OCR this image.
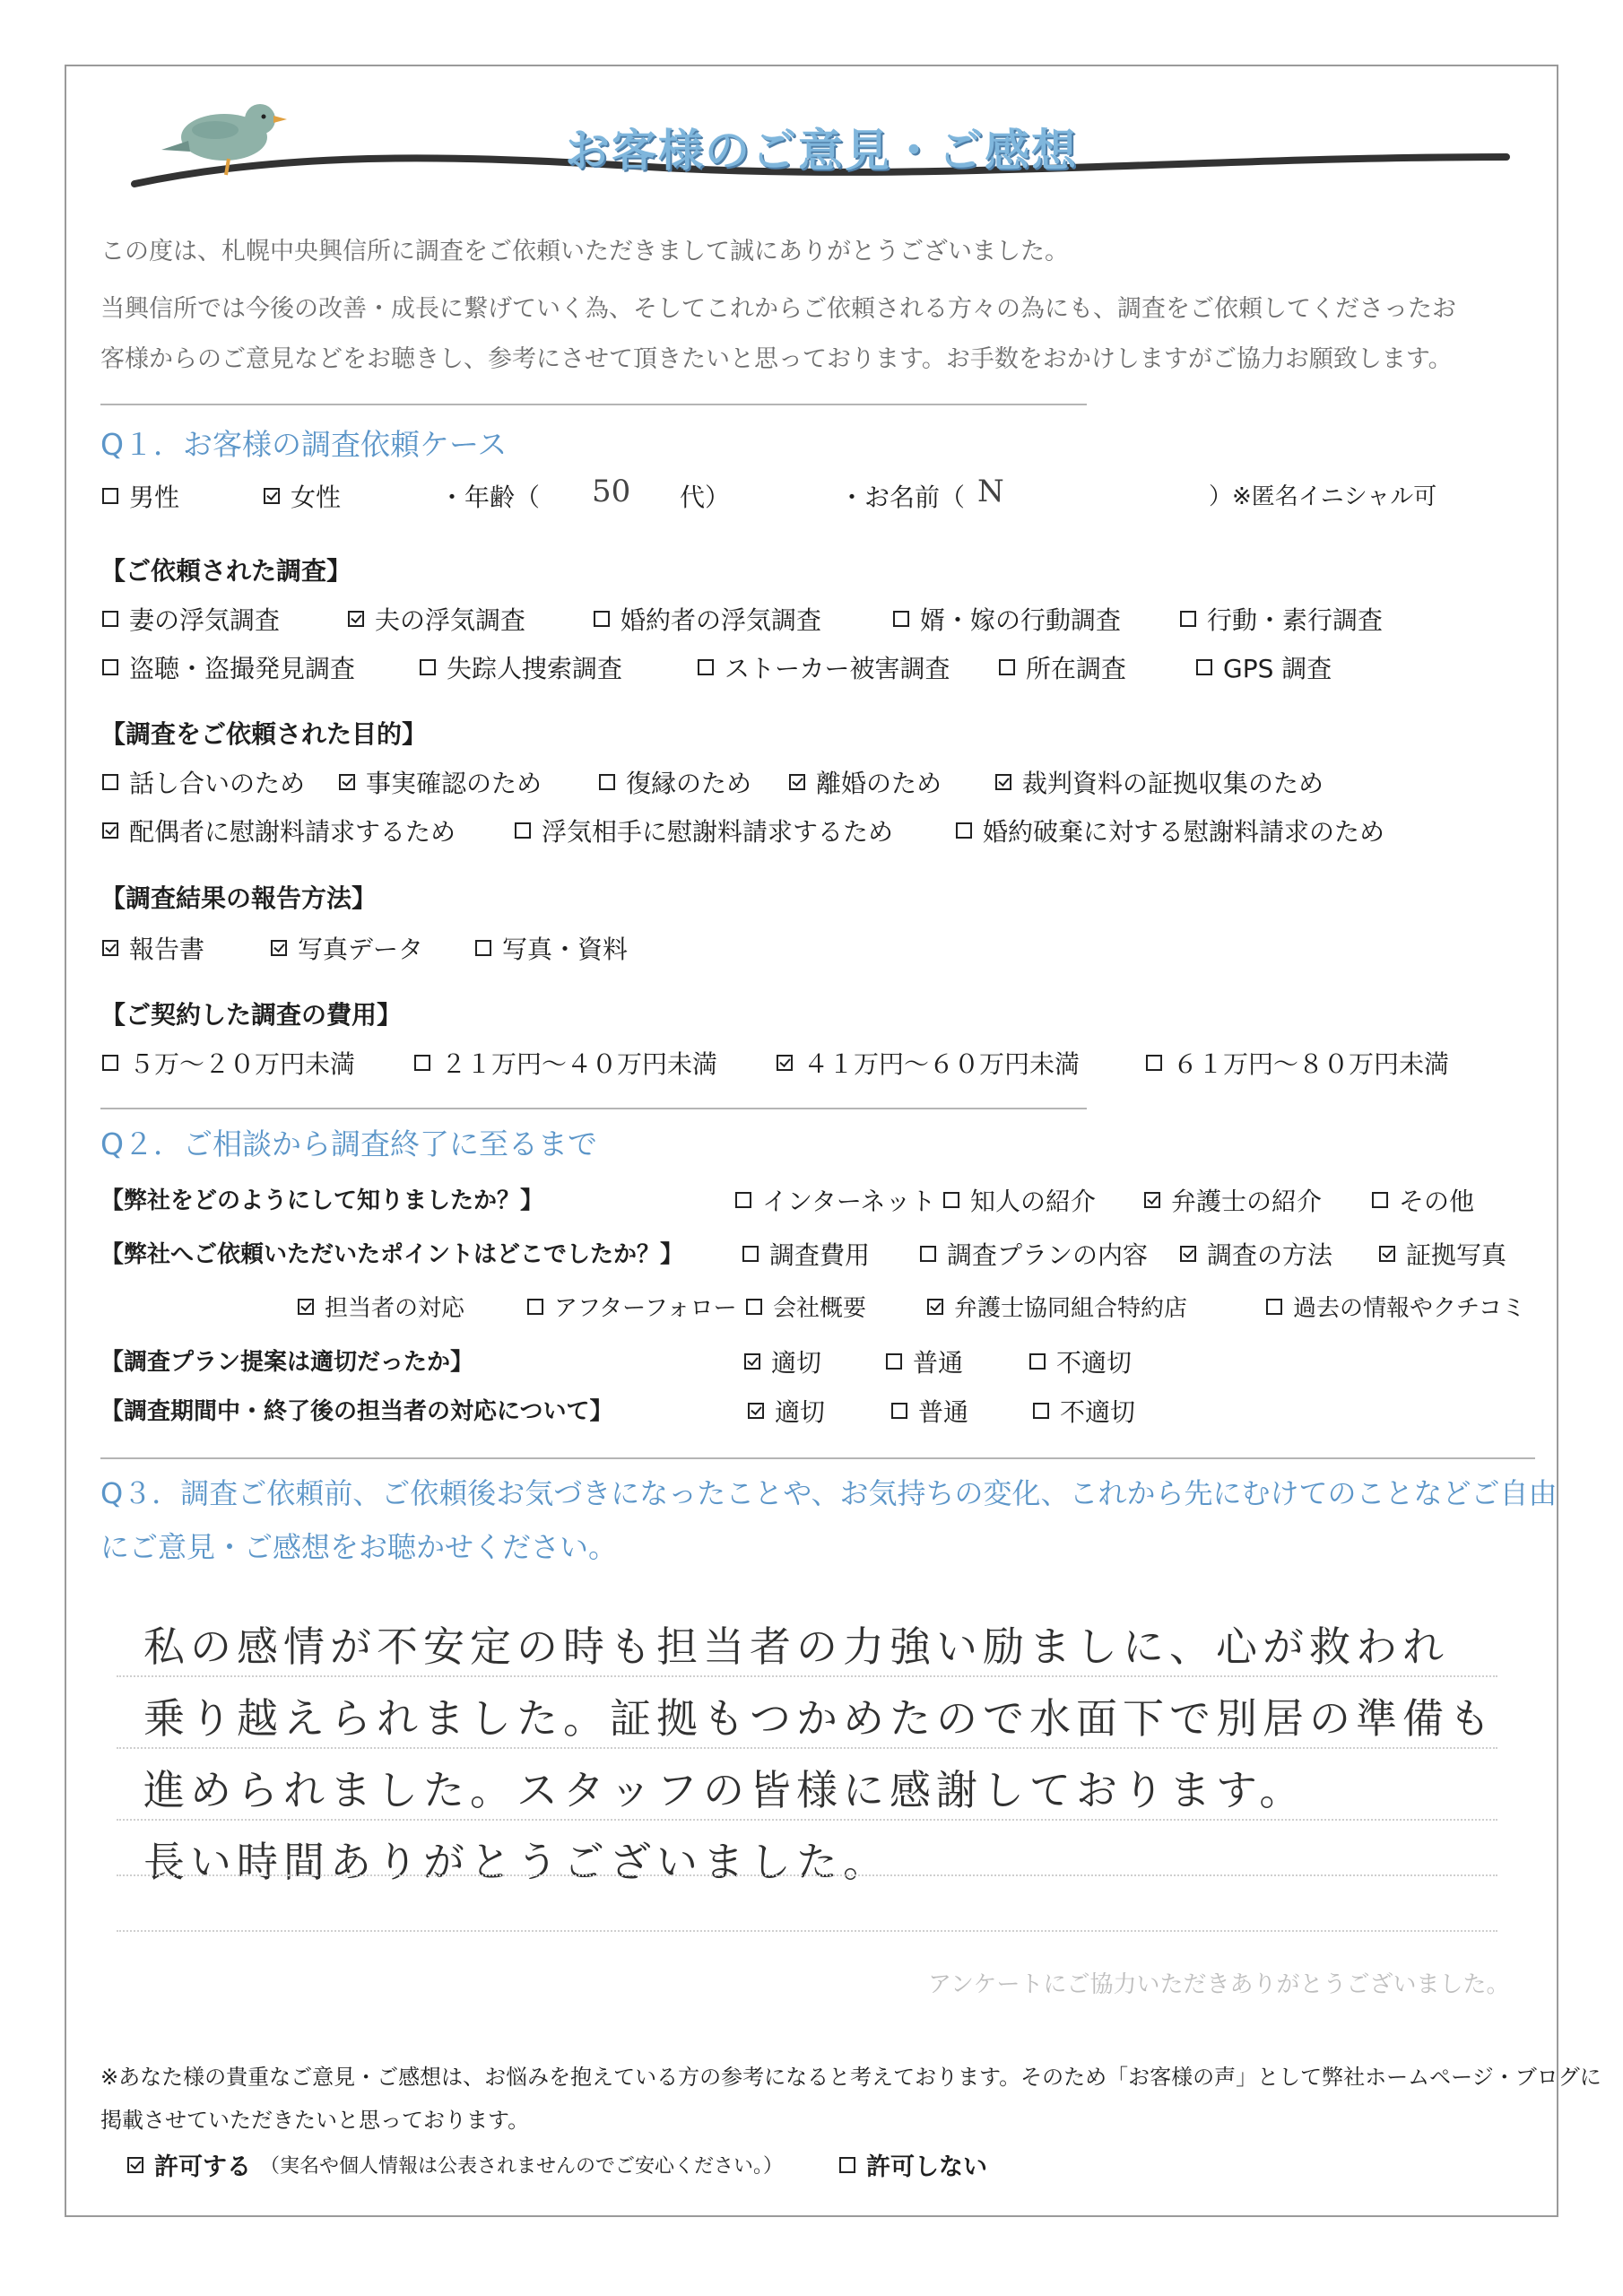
お客様のご意見・ご感想
この度は、札幌中央興信所に調査をご依頼いただきまして誠にありがとうございました。
当興信所では今後の改善・成長に繋げていく為、そしてこれからご依頼される方々の為にも、調査をご依頼してくださったお
客様からのご意見などをお聴きし、参考にさせて頂きたいと思っております。お手数をおかけしますがご協力お願致します。
Q１．お客様の調査依頼ケース
男性	女性	・年齢（ 50 代）	・お名前（ N	）※匿名イニシャル可
【ご依頼された調査】
妻の浮気調査	夫の浮気調査	婚約者の浮気調査	婿・嫁の行動調査	行動・素行調査
盗聴・盗撮発見調査	失踪人捜索調査	ストーカー被害調査	所在調査	GPS 調査
【調査をご依頼された目的】
話し合いのため 事実確認のため	復縁のため	離婚のため	裁判資料の証拠収集のため
配偶者に慰謝料請求するため	浮気相手に慰謝料請求するため	婚約破棄に対する慰謝料請求のため
【調査結果の報告方法】
報告書	写真データ	写真・資料
【ご契約した調査の費用】
５万～２０万円未満	２１万円～４０万円未満	４１万円～６０万円未満	６１万円～８０万円未満
Q２．ご相談から調査終了に至るまで
【弊社をどのようにして知りましたか？】	インターネット 知人の紹介	弁護士の紹介	その他
【弊社へご依頼いただいたポイントはどこでしたか？】	調査費用	調査プランの内容 調査の方法	証拠写真
担当者の対応	アフターフォロー 会社概要	弁護士協同組合特約店	過去の情報やクチコミ
【調査プラン提案は適切だったか】	適切	普通	不適切
【調査期間中・終了後の担当者の対応について】	適切	普通	不適切
Q３．調査ご依頼前、ご依頼後お気づきになったことや、お気持ちの変化、これから先にむけてのことなどご自由
にご意見・ご感想をお聴かせください。
私の感情が不安定の時も担当者の力強い励ましに、心が救われ
乗り越えられました。証拠もつかめたので水面下で別居の準備も
進められました。スタッフの皆様に感謝しております。
長い時間ありがとうございました。
アンケートにご協力いただきありがとうございました。
※あなた様の貴重なご意見・ご感想は、お悩みを抱えている方の参考になると考えております。そのため「お客様の声」として弊社ホームページ・ブログに
掲載させていただきたいと思っております。
許可する （実名や個人情報は公表されませんのでご安心ください。）	許可しない
